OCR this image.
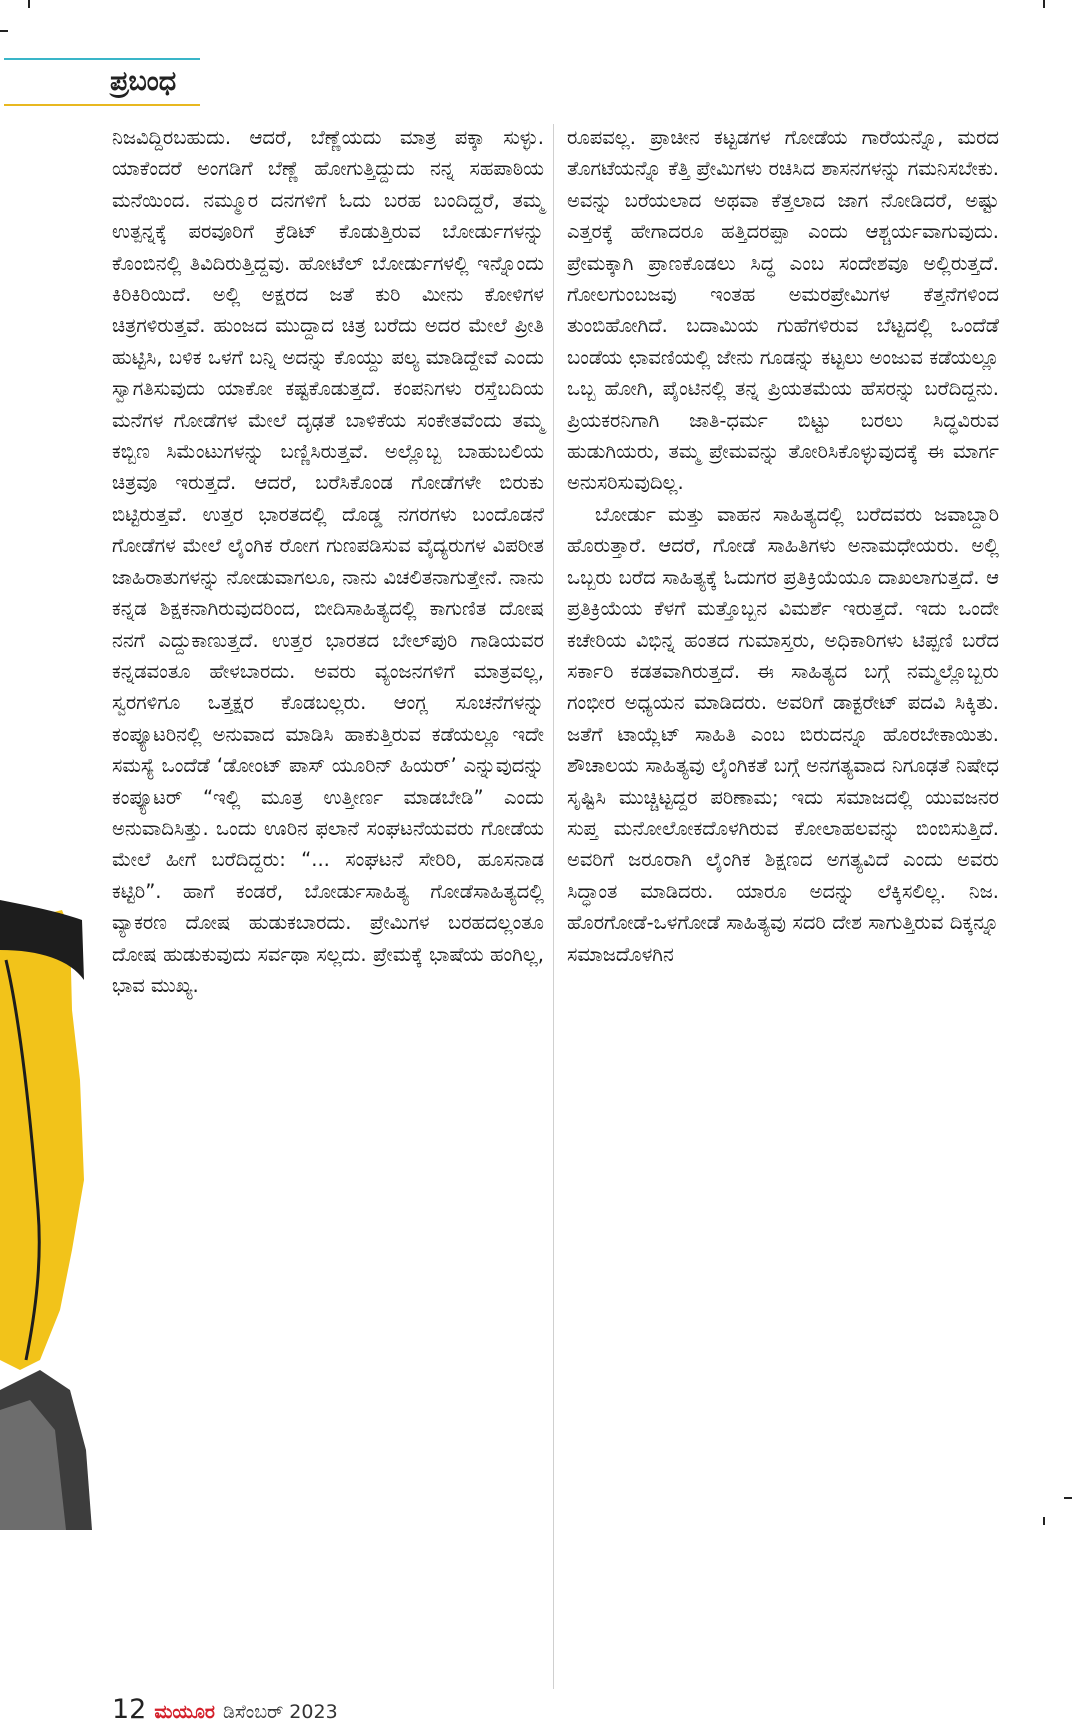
ಪ್ರಬಂಧ

ನಿಜವಿದ್ದಿರಬಹುದು. ಆದರೆ, ಬೆಣ್ಣೆಯದು ಮಾತ್ರ ಪಕ್ಕಾ ಸುಳ್ಳು. ಯಾಕೆಂದರೆ ಅಂಗಡಿಗೆ ಬೆಣ್ಣೆ ಹೋಗುತ್ತಿದ್ದುದು ನನ್ನ ಸಹಪಾಠಿಯ ಮನೆಯಿಂದ. ನಮ್ಮೂರ ದನಗಳಿಗೆ ಓದು ಬರಹ ಬಂದಿದ್ದರೆ, ತಮ್ಮ ಉತ್ಪನ್ನಕ್ಕೆ ಪರವೂರಿಗೆ ಕ್ರೆಡಿಟ್ ಕೊಡುತ್ತಿರುವ ಬೋರ್ಡುಗಳನ್ನು ಕೊಂಬಿನಲ್ಲಿ ತಿವಿದಿರುತ್ತಿದ್ದವು. ಹೋಟೆಲ್ ಬೋರ್ಡುಗಳಲ್ಲಿ ಇನ್ನೊಂದು ಕಿರಿಕಿರಿಯಿದೆ. ಅಲ್ಲಿ ಅಕ್ಷರದ ಜತೆ ಕುರಿ ಮೀನು ಕೋಳಿಗಳ ಚಿತ್ರಗಳಿರುತ್ತವೆ. ಹುಂಜದ ಮುದ್ದಾದ ಚಿತ್ರ ಬರೆದು ಅದರ ಮೇಲೆ ಪ್ರೀತಿ ಹುಟ್ಟಿಸಿ, ಬಳಿಕ ಒಳಗೆ ಬನ್ನಿ ಅದನ್ನು ಕೊಯ್ದು ಪಲ್ಯ ಮಾಡಿದ್ದೇವೆ ಎಂದು ಸ್ವಾಗತಿಸುವುದು ಯಾಕೋ ಕಷ್ಟಕೊಡುತ್ತದೆ. ಕಂಪನಿಗಳು ರಸ್ತೆಬದಿಯ ಮನೆಗಳ ಗೋಡೆಗಳ ಮೇಲೆ ದೃಢತೆ ಬಾಳಿಕೆಯ ಸಂಕೇತವೆಂದು ತಮ್ಮ ಕಬ್ಬಿಣ ಸಿಮೆಂಟುಗಳನ್ನು ಬಣ್ಣಿಸಿರುತ್ತವೆ. ಅಲ್ಲೊಬ್ಬ ಬಾಹುಬಲಿಯ ಚಿತ್ರವೂ ಇರುತ್ತದೆ. ಆದರೆ, ಬರೆಸಿಕೊಂಡ ಗೋಡೆಗಳೇ ಬಿರುಕು ಬಿಟ್ಟಿರುತ್ತವೆ. ಉತ್ತರ ಭಾರತದಲ್ಲಿ ದೊಡ್ಡ ನಗರಗಳು ಬಂದೊಡನೆ ಗೋಡೆಗಳ ಮೇಲೆ ಲೈಂಗಿಕ ರೋಗ ಗುಣಪಡಿಸುವ ವೈದ್ಯರುಗಳ ವಿಪರೀತ ಜಾಹಿರಾತುಗಳನ್ನು ನೋಡುವಾಗಲೂ, ನಾನು ವಿಚಲಿತನಾಗುತ್ತೇನೆ. ನಾನು ಕನ್ನಡ ಶಿಕ್ಷಕನಾಗಿರುವುದರಿಂದ, ಬೀದಿಸಾಹಿತ್ಯದಲ್ಲಿ ಕಾಗುಣಿತ ದೋಷ ನನಗೆ ಎದ್ದುಕಾಣುತ್ತದೆ. ಉತ್ತರ ಭಾರತದ ಬೇಲ್‌ಪುರಿ ಗಾಡಿಯವರ ಕನ್ನಡವಂತೂ ಹೇಳಬಾರದು. ಅವರು ವ್ಯಂಜನಗಳಿಗೆ ಮಾತ್ರವಲ್ಲ, ಸ್ವರಗಳಿಗೂ ಒತ್ತಕ್ಷರ ಕೊಡಬಲ್ಲರು. ಆಂಗ್ಲ ಸೂಚನೆಗಳನ್ನು ಕಂಪ್ಯೂಟರಿನಲ್ಲಿ ಅನುವಾದ ಮಾಡಿಸಿ ಹಾಕುತ್ತಿರುವ ಕಡೆಯಲ್ಲೂ ಇದೇ ಸಮಸ್ಯೆ ಒಂದೆಡೆ ‘ಡೋಂಟ್ ಪಾಸ್ ಯೂರಿನ್ ಹಿಯರ್’ ಎನ್ನುವುದನ್ನು ಕಂಪ್ಯೂಟರ್ “ಇಲ್ಲಿ ಮೂತ್ರ ಉತ್ತೀರ್ಣ ಮಾಡಬೇಡಿ” ಎಂದು ಅನುವಾದಿಸಿತ್ತು. ಒಂದು ಊರಿನ ಫಲಾನೆ ಸಂಘಟನೆಯವರು ಗೋಡೆಯ ಮೇಲೆ ಹೀಗೆ ಬರೆದಿದ್ದರು: “... ಸಂಘಟನೆ ಸೇರಿರಿ, ಹೂಸನಾಡ ಕಟ್ಟಿರಿ”. ಹಾಗೆ ಕಂಡರೆ, ಬೋರ್ಡುಸಾಹಿತ್ಯ ಗೋಡೆಸಾಹಿತ್ಯದಲ್ಲಿ ವ್ಯಾಕರಣ ದೋಷ ಹುಡುಕಬಾರದು. ಪ್ರೇಮಿಗಳ ಬರಹದಲ್ಲಂತೂ ದೋಷ ಹುಡುಕುವುದು ಸರ್ವಥಾ ಸಲ್ಲದು. ಪ್ರೇಮಕ್ಕೆ ಭಾಷೆಯ ಹಂಗಿಲ್ಲ, ಭಾವ ಮುಖ್ಯ.

ರೂಪವಲ್ಲ. ಪ್ರಾಚೀನ ಕಟ್ಟಡಗಳ ಗೋಡೆಯ ಗಾರೆಯನ್ನೊ, ಮರದ ತೊಗಟೆಯನ್ನೊ ಕೆತ್ತಿ ಪ್ರೇಮಿಗಳು ರಚಿಸಿದ ಶಾಸನಗಳನ್ನು ಗಮನಿಸಬೇಕು. ಅವನ್ನು ಬರೆಯಲಾದ ಅಥವಾ ಕೆತ್ತಲಾದ ಜಾಗ ನೋಡಿದರೆ, ಅಷ್ಟು ಎತ್ತರಕ್ಕೆ ಹೇಗಾದರೂ ಹತ್ತಿದರಪ್ಪಾ ಎಂದು ಆಶ್ಚರ್ಯವಾಗುವುದು. ಪ್ರೇಮಕ್ಕಾಗಿ ಪ್ರಾಣಕೊಡಲು ಸಿದ್ಧ ಎಂಬ ಸಂದೇಶವೂ ಅಲ್ಲಿರುತ್ತದೆ. ಗೋಲಗುಂಬಜವು ಇಂತಹ ಅಮರಪ್ರೇಮಿಗಳ ಕೆತ್ತನೆಗಳಿಂದ ತುಂಬಿಹೋಗಿದೆ. ಬದಾಮಿಯ ಗುಹೆಗಳಿರುವ ಬೆಟ್ಟದಲ್ಲಿ ಒಂದೆಡೆ ಬಂಡೆಯ ಛಾವಣಿಯಲ್ಲಿ ಜೇನು ಗೂಡನ್ನು ಕಟ್ಟಲು ಅಂಜುವ ಕಡೆಯಲ್ಲೂ ಒಬ್ಬ ಹೋಗಿ, ಪೈಂಟಿನಲ್ಲಿ ತನ್ನ ಪ್ರಿಯತಮೆಯ ಹೆಸರನ್ನು ಬರೆದಿದ್ದನು. ಪ್ರಿಯಕರನಿಗಾಗಿ ಜಾತಿ-ಧರ್ಮ ಬಿಟ್ಟು ಬರಲು ಸಿದ್ಧವಿರುವ ಹುಡುಗಿಯರು, ತಮ್ಮ ಪ್ರೇಮವನ್ನು ತೋರಿಸಿಕೊಳ್ಳುವುದಕ್ಕೆ ಈ ಮಾರ್ಗ ಅನುಸರಿಸುವುದಿಲ್ಲ.

ಬೋರ್ಡು ಮತ್ತು ವಾಹನ ಸಾಹಿತ್ಯದಲ್ಲಿ ಬರೆದವರು ಜವಾಬ್ದಾರಿ ಹೊರುತ್ತಾರೆ. ಆದರೆ, ಗೋಡೆ ಸಾಹಿತಿಗಳು ಅನಾಮಧೇಯರು. ಅಲ್ಲಿ ಒಬ್ಬರು ಬರೆದ ಸಾಹಿತ್ಯಕ್ಕೆ ಓದುಗರ ಪ್ರತಿಕ್ರಿಯೆಯೂ ದಾಖಲಾಗುತ್ತದೆ. ಆ ಪ್ರತಿಕ್ರಿಯೆಯ ಕೆಳಗೆ ಮತ್ತೊಬ್ಬನ ವಿಮರ್ಶೆ ಇರುತ್ತದೆ. ಇದು ಒಂದೇ ಕಚೇರಿಯ ವಿಭಿನ್ನ ಹಂತದ ಗುಮಾಸ್ತರು, ಅಧಿಕಾರಿಗಳು ಟಿಪ್ಪಣಿ ಬರೆದ ಸರ್ಕಾರಿ ಕಡತವಾಗಿರುತ್ತದೆ. ಈ ಸಾಹಿತ್ಯದ ಬಗ್ಗೆ ನಮ್ಮಲ್ಲೊಬ್ಬರು ಗಂಭೀರ ಅಧ್ಯಯನ ಮಾಡಿದರು. ಅವರಿಗೆ ಡಾಕ್ಟರೇಟ್ ಪದವಿ ಸಿಕ್ಕಿತು. ಜತೆಗೆ ಟಾಯ್ಲೆಟ್ ಸಾಹಿತಿ ಎಂಬ ಬಿರುದನ್ನೂ ಹೊರಬೇಕಾಯಿತು. ಶೌಚಾಲಯ ಸಾಹಿತ್ಯವು ಲೈಂಗಿಕತೆ ಬಗ್ಗೆ ಅನಗತ್ಯವಾದ ನಿಗೂಢತೆ ನಿಷೇಧ ಸೃಷ್ಟಿಸಿ ಮುಚ್ಚಿಟ್ಟದ್ದರ ಪರಿಣಾಮ; ಇದು ಸಮಾಜದಲ್ಲಿ ಯುವಜನರ ಸುಪ್ತ ಮನೋಲೋಕದೊಳಗಿರುವ ಕೋಲಾಹಲವನ್ನು ಬಿಂಬಿಸುತ್ತಿದೆ. ಅವರಿಗೆ ಜರೂರಾಗಿ ಲೈಂಗಿಕ ಶಿಕ್ಷಣದ ಅಗತ್ಯವಿದೆ ಎಂದು ಅವರು ಸಿದ್ಧಾಂತ ಮಾಡಿದರು. ಯಾರೂ ಅದನ್ನು ಲೆಕ್ಕಿಸಲಿಲ್ಲ. ನಿಜ. ಹೊರಗೋಡೆ-ಒಳಗೋಡೆ ಸಾಹಿತ್ಯವು ಸದರಿ ದೇಶ ಸಾಗುತ್ತಿರುವ ದಿಕ್ಕನ್ನೂ ಸಮಾಜದೊಳಗಿನ

12 ಮಯೂರ ಡಿಸೆಂಬರ್ 2023
